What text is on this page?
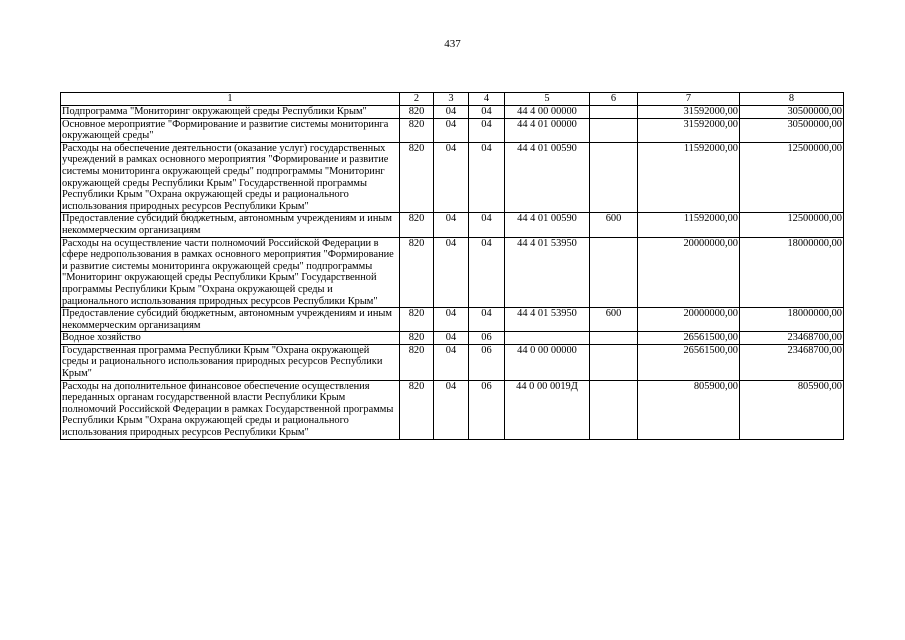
437
1	2	3	4	5	6	7	8
Подпрограмма "Мониторинг окружающей среды Республики Крым"	820	04	04	44 4 00 00000		31592000,00	30500000,00
Основное мероприятие "Формирование и развитие системы мониторинга окружающей среды"	820	04	04	44 4 01 00000		31592000,00	30500000,00
Расходы на обеспечение деятельности (оказание услуг) государственных учреждений в рамках основного мероприятия "Формирование и развитие системы мониторинга окружающей среды" подпрограммы "Мониторинг окружающей среды Республики Крым" Государственной программы Республики Крым "Охрана окружающей среды и рационального использования природных ресурсов Республики Крым"	820	04	04	44 4 01 00590		11592000,00	12500000,00
Предоставление субсидий бюджетным, автономным учреждениям и иным некоммерческим организациям	820	04	04	44 4 01 00590	600	11592000,00	12500000,00
Расходы на осуществление части полномочий Российской Федерации в сфере недропользования в рамках основного мероприятия "Формирование и развитие системы мониторинга окружающей среды" подпрограммы "Мониторинг окружающей среды Республики Крым" Государственной программы Республики Крым "Охрана окружающей среды и рационального использования природных ресурсов Республики Крым"	820	04	04	44 4 01 53950		20000000,00	18000000,00
Предоставление субсидий бюджетным, автономным учреждениям и иным некоммерческим организациям	820	04	04	44 4 01 53950	600	20000000,00	18000000,00
Водное хозяйство	820	04	06			26561500,00	23468700,00
Государственная программа Республики Крым "Охрана окружающей среды и рационального использования природных ресурсов Республики Крым"	820	04	06	44 0 00 00000		26561500,00	23468700,00
Расходы на дополнительное финансовое обеспечение осуществления переданных органам государственной власти Республики Крым полномочий Российской Федерации в рамках Государственной программы Республики Крым "Охрана окружающей среды и рационального использования природных ресурсов Республики Крым"	820	04	06	44 0 00 0019Д		805900,00	805900,00
